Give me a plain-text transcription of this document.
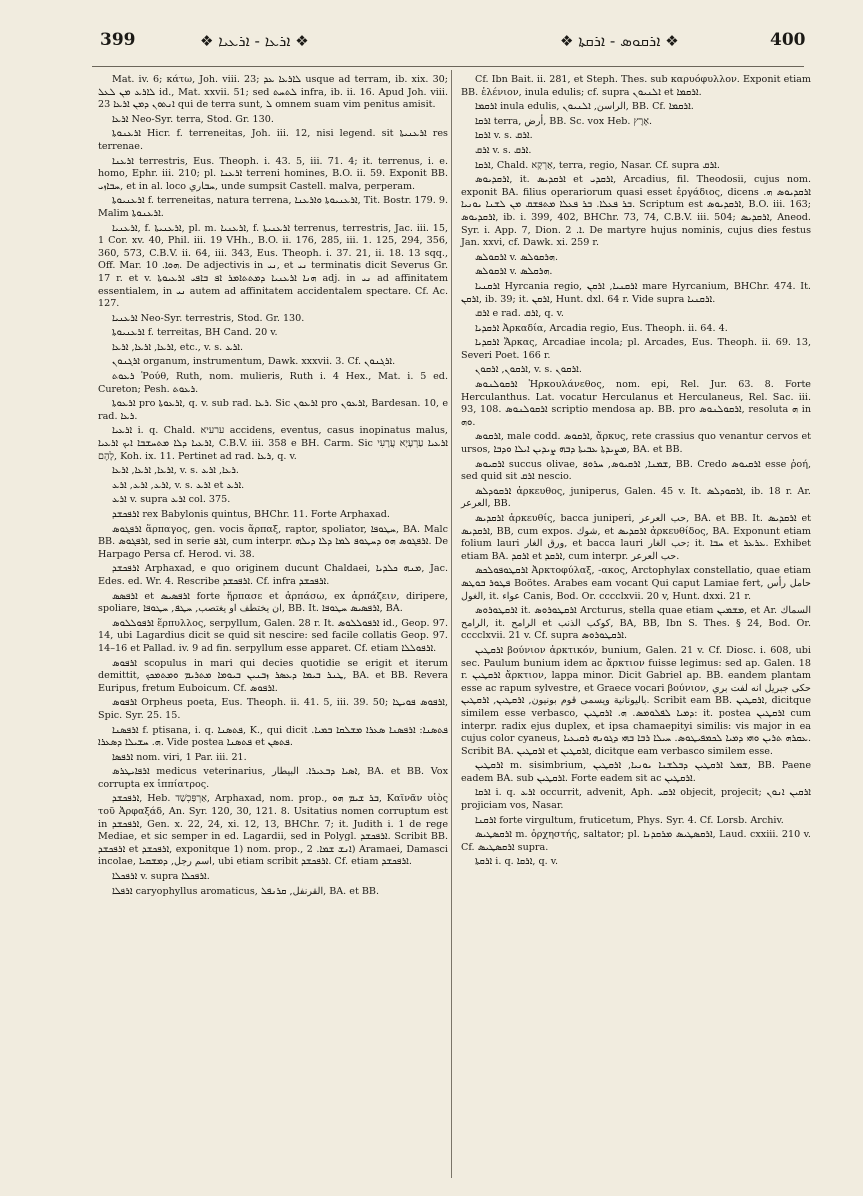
399	❖ ܐܪܥܐ - ܐܪܥܝܐ ❖	❖ ܐܪܩܘܣ - ܐܪܩܬܐ ❖	400

Mat. iv. 6; κάτω, Joh. viii. 23; ܠܐܪܥܐ ܥܕ usque ad terram, ib. xix. 30; ܠܐܪܥ ܡܢ ܠܥܠ id., Mat. xxvii. 51; sed ܠܬܚܬ infra, ib. ii. 16. Apud Joh. viii. 23 ܐܢܬܘܢ ܕܡܢ ܐܪܥܐ qui de terra sunt, ܠ omnem suam vim penitus amisit.

ܐܪܥܐ Neo-Syr. terra, Stod. Gr. 130.

ܐܪܥܢܘܬܐ Hicr. f. terreneitas, Joh. iii. 12, nisi legend. sit ܐܪܥܢܝܬܐ res terrenae.

ܐܪܥܢܐ terrestris, Eus. Theoph. i. 43. 5, iii. 71. 4; it. terrenus, i. e. homo, Ephr. iii. 210; pl. ܐܪܥܢܐ terreni homines, B.O. ii. 59. Exponit BB. ܚܒܐܙܝ, et in al. loco ܚܒاري, unde sumpsit Castell. malva, perperam.

ܐܪܥܢܝܘܬܐ f. terreneitas, natura terrena, ܐܪܥܢܝܘܬܐ ܘܐܪܥܢܐ, Tit. Bostr. 179. 9. Malim ܐܪܥܢܘܬܐ.

ܐܪܥܢܝܐ, f. ܐܪܥܢܝܬܐ, pl. m. ܐܪܥܢܝܐ, f. ܐܪܥܢܝܬܐ terrenus, terrestris, Jac. iii. 15, 1 Cor. xv. 40, Phil. iii. 19 VHh., B.O. ii. 176, 285, iii. 1. 125, 294, 356, 360, 573, C.B.V. ii. 64, iii. 343, Eus. Theoph. i. 37. 21, ii. 18. 13 sqq., Off. Mar. ܗܘܐ. 10. De adjectivis in ܢܝ, et ܢܝ terminatis dicit Severus Gr. 17 r. et v. ܗܢܐ ܐܪܥܢܝܐ ܕܡܬܬܐܡܪ ܐܦ ܒܐܦܝ ܐܪܥܝܘܬܐ adj. in ܢܝ ad affinitatem essentialem, in ܢܝ autem ad affinitatem accidentalem spectare. Cf. Ac. 127.

ܐܪܥܢܝܐ Neo-Syr. terrestris, Stod. Gr. 130.

ܐܪܥܢܝܘܬܐ f. terreitas, BH Cand. 20 v.

ܐܪܥܐ, ܐܪܥܐ, ܐܪܥܐ, etc., v. s. ܐܪܥ.

ܐܪܓܢܘܢ organum, instrumentum, Dawk. xxxvii. 3. Cf. ܐܪܓܢܘܢ.

ܪܥܘܬ Ῥούθ, Ruth, nom. mulieris, Ruth i. 4 Hex., Mat. i. 5 ed. Cureton; Pesh. ܪܥܘܬ.

ܐܪܥܘܬܐ pro ܐܪܥܘܬܐ, q. v. sub rad. ܪܥܐ. Sic ܐܪܥܘܢ pro ܐܪܥܘܢ, Bardesan. 10, e rad. ܪܥܐ.

ܐܪܥܝܐ i. q. Chald. ערעיא accidens, eventus, casus inopinatus malus, ܐܪܥܝܐ ܕܠܐ ܡܬܚܫܒܐ ܐܝܟ ܐܪܥܝܐ, C.B.V. iii. 358 e BH. Carm. Sic ܐܪܥܝܐ עַרְעָיָא עֲרָעִי לָהֶם, Koh. ix. 11. Pertinet ad rad. ܪܥܐ, q. v.

ܐܪܥܐ, ܐܪܥܐ, ܐܪܥܐ, v. s. ܪܥܐ, ܐܪܥ.

ܐܪܥ, ܐܪܥ, ܐܪܥ, v. s. ܐܪܥ et ܐܪܥ.

ܐܪܥ v. supra ܐܪܥ col. 375.

ܐܪܦܟܫܕ rex Babylonis quintus, BHChr. 11. Forte Arphaxad.

ܐܪܦܓܘܣ ἅρπαγος, gen. vocis ἅρπαξ, raptor, spoliator, ܚܛܘܦܐ, BA. Malc BB. ܐܪܦܓܘܣ, sed in serie ܐܪܦ, cum interpr. ܐܪܦܓܘܣ ܗܘ ܕܚܛܘܦ ܠܡܐ ܕܠܐ ܕܝܠܗ. De Harpago Persa cf. Herod. vi. 38.

ܐܪܦܟܫܕ Arphaxad, e quo originem ducunt Chaldaei, ܡܢܗ ܟܠܕܝܐ, Jac. Edes. ed. Wr. 4. Rescribe ܐܪܦܟܫܕ. Cf. infra ܐܪܦܟܫܕ.

ܐܪܦܣܣ et ܐܪܦܣܝܣ forte ἥρπασε et ἁρπάσω, ex ἁρπάζειν, diripere, spoliare, ان يختطف او يغتصب, ܚܛܦ, ܚܛܘܦܐ, BB. It. ܐܪܦܣܝܣ ܚܛܘܦܐ, BA.

ܐܪܦܘܠܠܘܣ ἕρπυλλος, serpyllum, Galen. 28 r. It. ܐܪܦܘܠܠܘܣ id., Geop. 97. 14, ubi Lagardius dicit se quid sit nescire: sed facile collatis Geop. 97. 14–16 et Pallad. iv. 9 ad fin. serpyllum esse apparet. Cf. etiam ܐܪܦܘܠܠܐ.

ܐܪܦܘܣ scopulus in mari qui decies quotidie se erigit et iterum demittit, ܛܢܪ ܒܝܡܐ ܕܥܣܪ ܙܒܢܝܢ ܒܝܘܡܐ ܡܬܪܝܡ ܘܡܬܡܟܟ, BA. et BB. Revera Euripus, fretum Euboicum. Cf. ܐܪܦܘܣ.

ܐܪܦܘܣ Orpheus poeta, Eus. Theoph. ii. 41. 5, iii. 39. 50; ܐܪܦܘܣ ܦܘܝܛܐ, Spic. Syr. 25. 15.

ܐܪܦܣܢܐ f. ptisana, i. q. ܦܬܣܢܐ, K., qui dicit ܦܬܣܢܐ: ܐܪܦܣܢܐ ܣܥܪܐ ܡܫܠܩܐ ܒܡܝܐ. ܗ. ܚܫܝܠܐ ܕܣܥܪܐ. Vide postea ܦܬܣܢܐ et ܦܬܣܢ.

ܐܪܦܣܐ nom. viri, 1 Par. iii. 21.

ܐܪܦܐܝܛܪܣ medicus veterinarius, ܐܣܝܐ ܕܒܥܝܪܐ. البيطار, BA. et BB. Vox corrupta ex ἱππίατρος.

ܐܪܦܟܫܕ, Heb. אַרְפַּכְשַׁד, Arphaxad, nom. prop., ܒܪ ܫܝܡ ܗܘ, Καϊνᾶν υἱὸς τοῦ Ἀρφαξάδ, An. Syr. 120, 30, 121. 8. Usitatius nomen corruptum est in ܐܪܦܟܫܕ, Gen. x. 22, 24, xi. 12, 13, BHChr. 7; it. Judith i. 1 de rege Mediae, et sic semper in ed. Lagardii, sed in Polygl. ܐܪܦܟܫܕ. Scribit BB. ܐܪܦܟܫܕ et ܐܪܦܟܫܕ, exponitque 1) nom. prop., ܐܢܫ ܫܡܐ. 2) Aramaei, Damasci incolae, اسم رجل, ܕܡܫܩܝܐ, ubi etiam scribit ܐܪܦܟܫܕ. Cf. etiam ܐܪܦܟܫܕ.

ܐܪܦܟܠܐ v. supra ܐܪܦܟܠܐ.

ܐܪܦܠܐ caryophyllus aromaticus, القرنفل, ܩܪܢܦܠ, BA. et BB.

Cf. Ibn Bait. ii. 281, et Steph. Thes. sub καρυόφυλλον. Exponit etiam BB. ἑλένιον, inula edulis; cf. supra ܐܠܢܝܘܢ et ܐܪܩܡܐ.

ܐܪܩܡܐ inula edulis, الراسن, ܐܠܢܝܘܢ, BB. Cf. ܐܪܩܡܐ.

ܐܪܩܐ terra, أرض, BB. Sc. vox Heb. אֶרֶץ.

ܐܪܩܐ v. s. ܐܪܩ.

ܐܪܩ v. s. ܐܪܩ.

ܐܪܩܐ, Chald. אַרְקָא, terra, regio, Nasar. Cf. supra ܐܪܩ.

ܐܪܩܕܝܘܣ, it. ܐܪܩܕܝܣ et ܐܪܩܕܝ, Arcadius, fil. Theodosii, cujus nom. exponit BA. filius operariorum quasi esset ἐργάδιος, dicens ܐܪܩܕܝܘܣ ܗ. ܒܪ ܦܥܠܐ. ܒܪ ܦܥܠܐ ܡܬܦܫܩ ܡܢ ܠܫܢܐ ܝܘܢܝܐ. Scriptum est ܐܪܩܕܝܘܣ, B.O. iii. 163; ܐܪܩܕܝܘܣ, ib. i. 399, 402, BHChr. 73, 74, C.B.V. iii. 504; ܐܪܩܕܝܣ, Aneod. Syr. i. App. 7, Dion. ܐ. 2. De martyre hujus nominis, cujus dies festus Jan. xxvi, cf. Dawk. xi. 259 r.

ܐܪܩܘܠܣ v. ܗܪܩܘܠܣ.

ܐܪܩܘܠܣ v. ܗܪܩܠܣ.

ܐܪܩܢܝܐ Hyrcania regio, ܐܪܩܢܝܐ, ܐܪܩܢ mare Hyrcanium, BHChr. 474. It. ܐܪܩܢ, ib. 39; it. ܐܪܩܢ, Hunt. dxl. 64 r. Vide supra ܐܪܩܢܝܐ.

ܐܪܩ e rad. ܐܪܩ, q. v.

ܐܪܩܕܝܐ Ἀρκαδία, Arcadia regio, Eus. Theoph. ii. 64. 4.

ܐܪܩܕܝܐ Ἄρκας, Arcadiae incola; pl. Arcades, Eus. Theoph. ii. 69. 13, Severi Poet. 166 r.

ܐܪܩܘܢ, ܐܪܩܘܢ, v. s. ܐܪܩܘܢ.

ܐܪܩܘܠܢܘܣ Ἡρκουλάνεθος, nom. epi, Rel. Jur. 63. 8. Forte Herculanthus. Lat. vocatur Herculanus et Herculaneus, Rel. Sac. iii. 93, 108. ܐܪܩܘܠܢܘܣ scriptio mendosa ap. BB. pro ܐܪܩܘܠܢܘܣ, resoluta ܗ in ܘܗ.

ܐܪܩܘܣ, male codd. ܐܪܩܘܣ, ἄρκυς, rete crassius quo venantur cervos et ursos, ܡܨܝܕܬܐ ܥܒܝܬܐ ܕܒܗ ܨܝܕܝܢ ܐܝܠܐ ܘܕܒܐ, BA. et BB.

ܐܪܩܝܘܣ succus olivae, ܫܡܢܐ, ܐܪܩܝܘܣ, ܚܪܘܦ, BB. Credo ܐܪܩܝܘܣ esse ῥοή, sed quid sit ܐܪܩ nescio.

ܐܪܩܘܕܠܣ ἀρκευθος, juniperus, Galen. 45 v. It. ܐܪܩܘܕܠܣ, ib. 18 r. Ar. العرعر, BB.

ܐܪܩܕܝܣ ἀρκευθίς, bacca juniperi, حب العرعر, BA. et BB. It. ܐܪܩܕܝܣ et ܐܪܩܕܝܣ, BB, cum expos. شوك, et ܐܪܩܕܝܣ ἀρκευθίδος, BA. Exponunt etiam folium lauri ورق الغار, et bacca lauri حب الغار; it. ܚܒܐ et ܥܪܥܪ. Exhibet etiam BA. ܐܪܩܕ et ܐܪܩܕ, cum interpr. حب العرعر.

ܐܪܩܛܘܦܘܠܟܣ Ἀρκτοφύλαξ, -ακος, Arctophylax constellatio, quae etiam ܦܛܘܪ ܒܘܛܣ Boötes. Arabes eam vocant Qui caput Lamiae fert, حامل رأس الغول, it. عواء Canis, Bod. Or. cccclxvii. 20 v, Hunt. dxxi. 21 r.

ܐܪܩܛܘܪܘܣ it. ܐܪܩܛܘܪܘܣ Arcturus, stella quae etiam ܡܫܡܝܢ, et Ar. السماك الرامح, it. الرامح et كوكب الذنب, BA, BB, Ibn S. Thes. § 24, Bod. Or. cccclxvii. 21 v. Cf. supra ܐܪܩܛܘܪܘܣ.

ܐܪܩܛܝܢ βούνιον ἀρκτικόν, bunium, Galen. 21 v. Cf. Diosc. i. 608, ubi sec. Paulum bunium idem ac ἄρκτιον fuisse legimus: sed ap. Galen. 18 r. ܐܪܩܛܝܢ ἄρκτιον, lappa minor. Dicit Gabriel ap. BB. eandem plantam esse ac rapum sylvestre, et Graece vocari βούνιον, حكى جبريل انه لفت بري باليونانية ويسمى قوم بونيون, ܐܪܩܛܝܢ, ܐܪܩܛܝܢ. Scribit eam BB. ܐܪܩܛܝܢ, dicitque similem esse verbasco, ܕܡܝܐ ܠܦܠܘܡܣ. ܗ. ܐܪܩܛܝܢ: it. postea ܐܪܩܛܝܢ cum interpr. radix ejus duplex, et ipsa chamaepityi similis: vis major in ea cujus color cyaneus, ܥܩܪܗ ܬܪܝܢ ܘܗܝ ܕܡܝܐ ܠܟܡܦܝܛܘܣ. ܚܝܠܐ ܪܒܐ ܒܗܝ ܕܓܘܢܗ ܪܩܝܥܝܐ. Scribit BA. ܐܪܩܛܝܢ et ܐܪܩܛܝܢ, dicitque eam verbasco similem esse.

ܐܪܩܛܝܢ m. sisimbrium, ܫܡܠ ܐܪܩܛܝܢ ܕܒܠܫܢܐ ܝܘܢܝܐ, ܐܪܩܛܝܢ, BB. Paene eadem BA. sub ܐܪܩܛܝܢ. Forte eadem sit ac ܐܪܩܛܝܢ.

ܐܪܩܐ i. q. ܐܪܥ occurrit, advenit, Aph. ܐܪܩܝ objecit, projecit; ܐܪܩܝܢ ܐܢܘܢ projiciam vos, Nasar.

ܐܪܩܢܐ forte virgultum, fruticetum, Phys. Syr. 4. Cf. Lorsb. Archiv.

ܐܪܩܣܛܝܣ m. ὀρχηστής, saltator; pl. ܐܪܩܣܛܝܣ ܡܪܩܕܢܐ, Laud. cxxiii. 210 v. Cf. ܐܪܩܣܛܝܣ supra.

ܐܪܩܬܐ i. q. ܐܪܩܐ, q. v.
